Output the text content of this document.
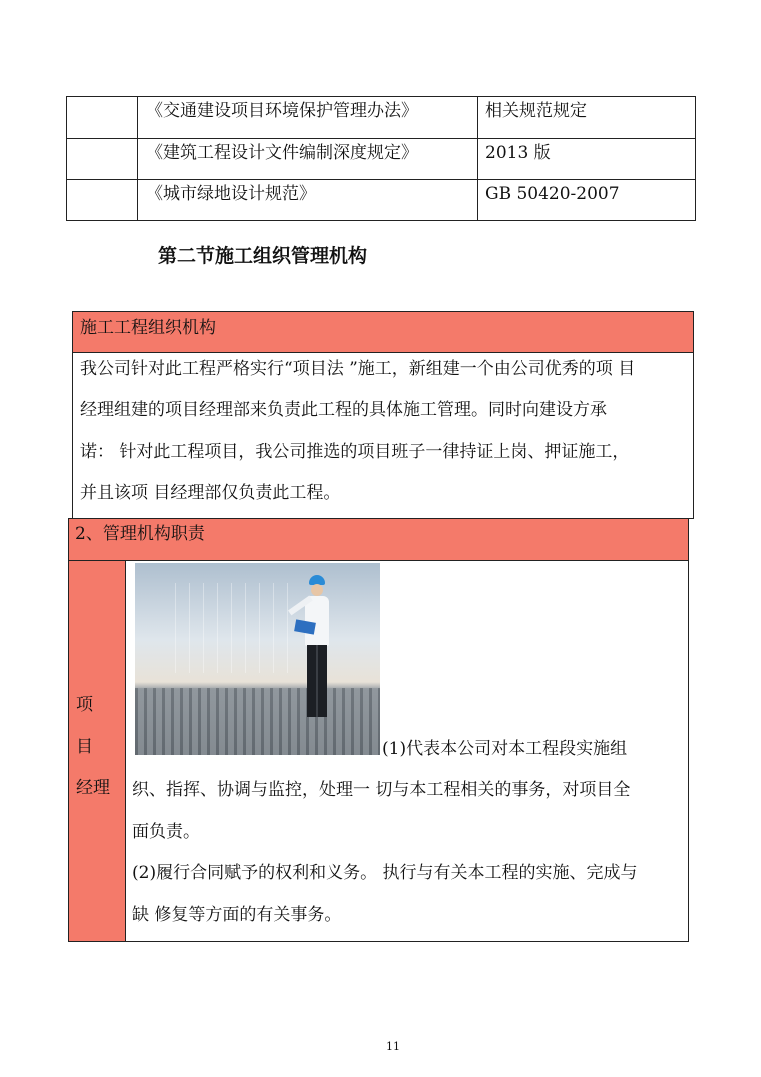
《交通建设项目环境保护管理办法》	相关规范规定
《建筑工程设计文件编制深度规定》	2013 版
《城市绿地设计规范》	GB 50420-2007
第二节施工组织管理机构
施工工程组织机构
我公司针对此工程严格实行“项目法 ”施工，新组建一个由公司优秀的项 目
经理组建的项目经理部来负责此工程的具体施工管理。同时向建设方承
诺： 针对此工程项目，我公司推选的项目班子一律持证上岗、押证施工，
并且该项 目经理部仅负责此工程。
2、管理机构职责
项
目
经理
(1)代表本公司对本工程段实施组
织、指挥、协调与监控，处理一 切与本工程相关的事务，对项目全
面负责。
(2)履行合同赋予的权利和义务。 执行与有关本工程的实施、完成与
缺 修复等方面的有关事务。
11
